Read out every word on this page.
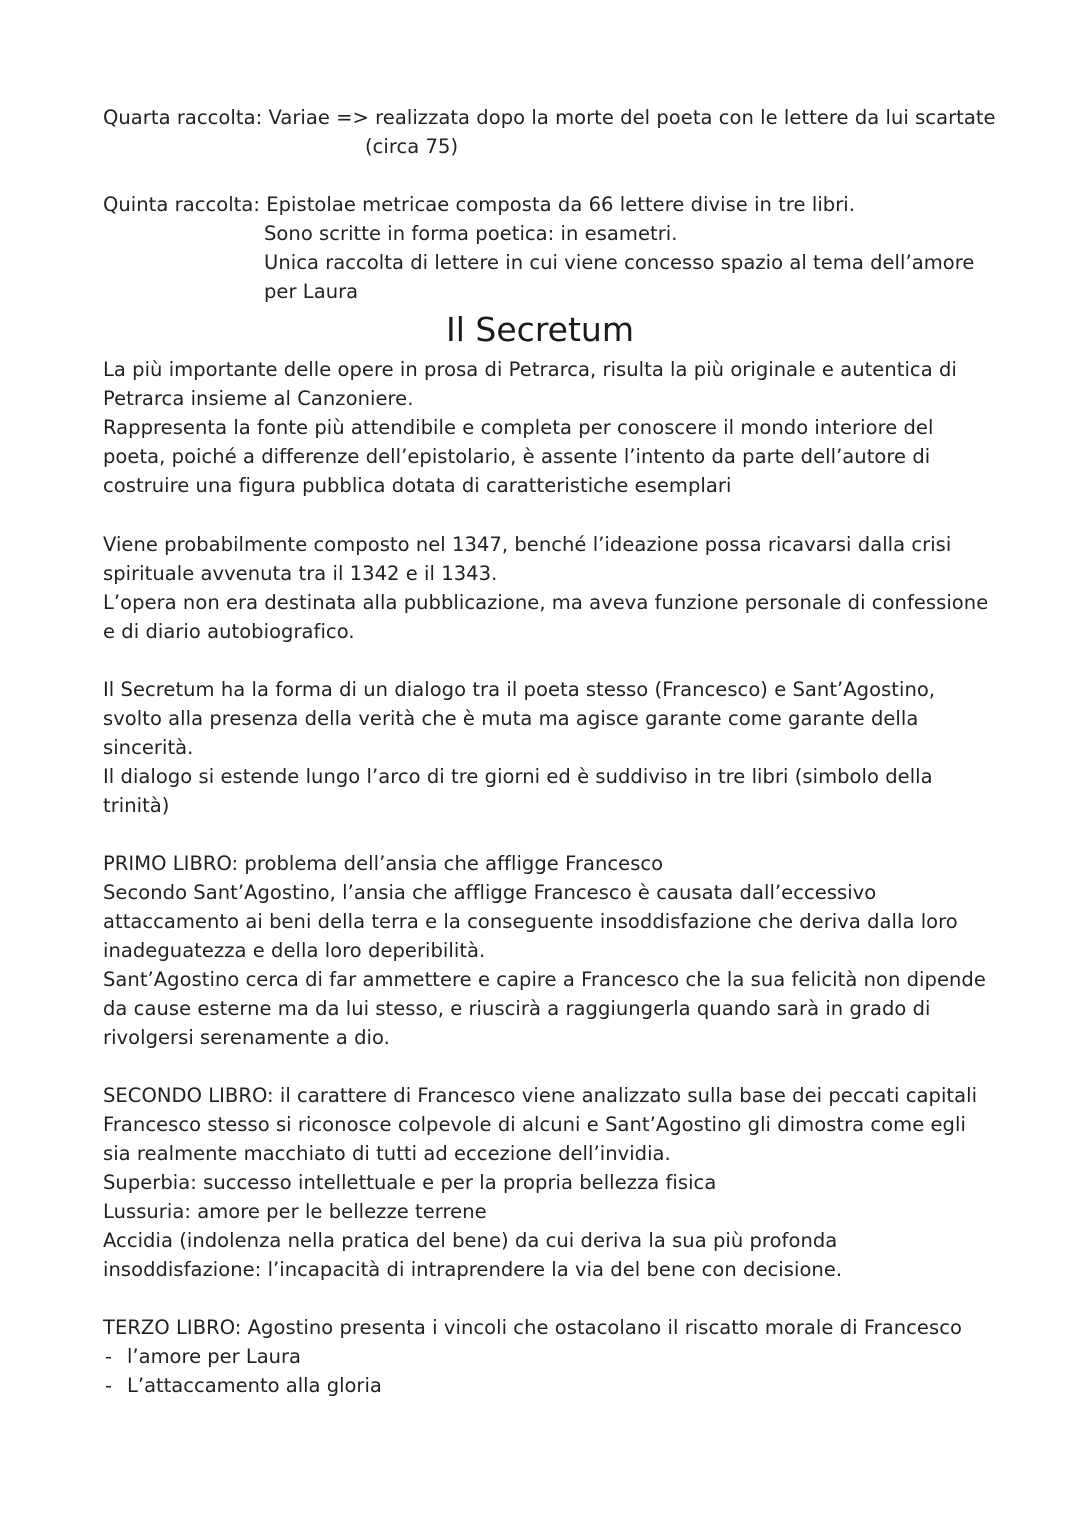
Quarta raccolta: Variae => realizzata dopo la morte del poeta con le lettere da lui scartate
(circa 75)
Quinta raccolta: Epistolae metricae composta da 66 lettere divise in tre libri.
Sono scritte in forma poetica: in esametri.
Unica raccolta di lettere in cui viene concesso spazio al tema dell’amore
per Laura
Il Secretum
La più importante delle opere in prosa di Petrarca, risulta la più originale e autentica di
Petrarca insieme al Canzoniere.
Rappresenta la fonte più attendibile e completa per conoscere il mondo interiore del
poeta, poiché a differenze dell’epistolario, è assente l’intento da parte dell’autore di
costruire una figura pubblica dotata di caratteristiche esemplari
Viene probabilmente composto nel 1347, benché l’ideazione possa ricavarsi dalla crisi
spirituale avvenuta tra il 1342 e il 1343.
L’opera non era destinata alla pubblicazione, ma aveva funzione personale di confessione
e di diario autobiografico.
Il Secretum ha la forma di un dialogo tra il poeta stesso (Francesco) e Sant’Agostino,
svolto alla presenza della verità che è muta ma agisce garante come garante della
sincerità.
Il dialogo si estende lungo l’arco di tre giorni ed è suddiviso in tre libri (simbolo della
trinità)
PRIMO LIBRO: problema dell’ansia che affligge Francesco
Secondo Sant’Agostino, l’ansia che affligge Francesco è causata dall’eccessivo
attaccamento ai beni della terra e la conseguente insoddisfazione che deriva dalla loro
inadeguatezza e della loro deperibilità.
Sant’Agostino cerca di far ammettere e capire a Francesco che la sua felicità non dipende
da cause esterne ma da lui stesso, e riuscirà a raggiungerla quando sarà in grado di
rivolgersi serenamente a dio.
SECONDO LIBRO: il carattere di Francesco viene analizzato sulla base dei peccati capitali
Francesco stesso si riconosce colpevole di alcuni e Sant’Agostino gli dimostra come egli
sia realmente macchiato di tutti ad eccezione dell’invidia.
Superbia: successo intellettuale e per la propria bellezza fisica
Lussuria: amore per le bellezze terrene
Accidia (indolenza nella pratica del bene) da cui deriva la sua più profonda
insoddisfazione: l’incapacità di intraprendere la via del bene con decisione.
TERZO LIBRO: Agostino presenta i vincoli che ostacolano il riscatto morale di Francesco
- l’amore per Laura
- L’attaccamento alla gloria
